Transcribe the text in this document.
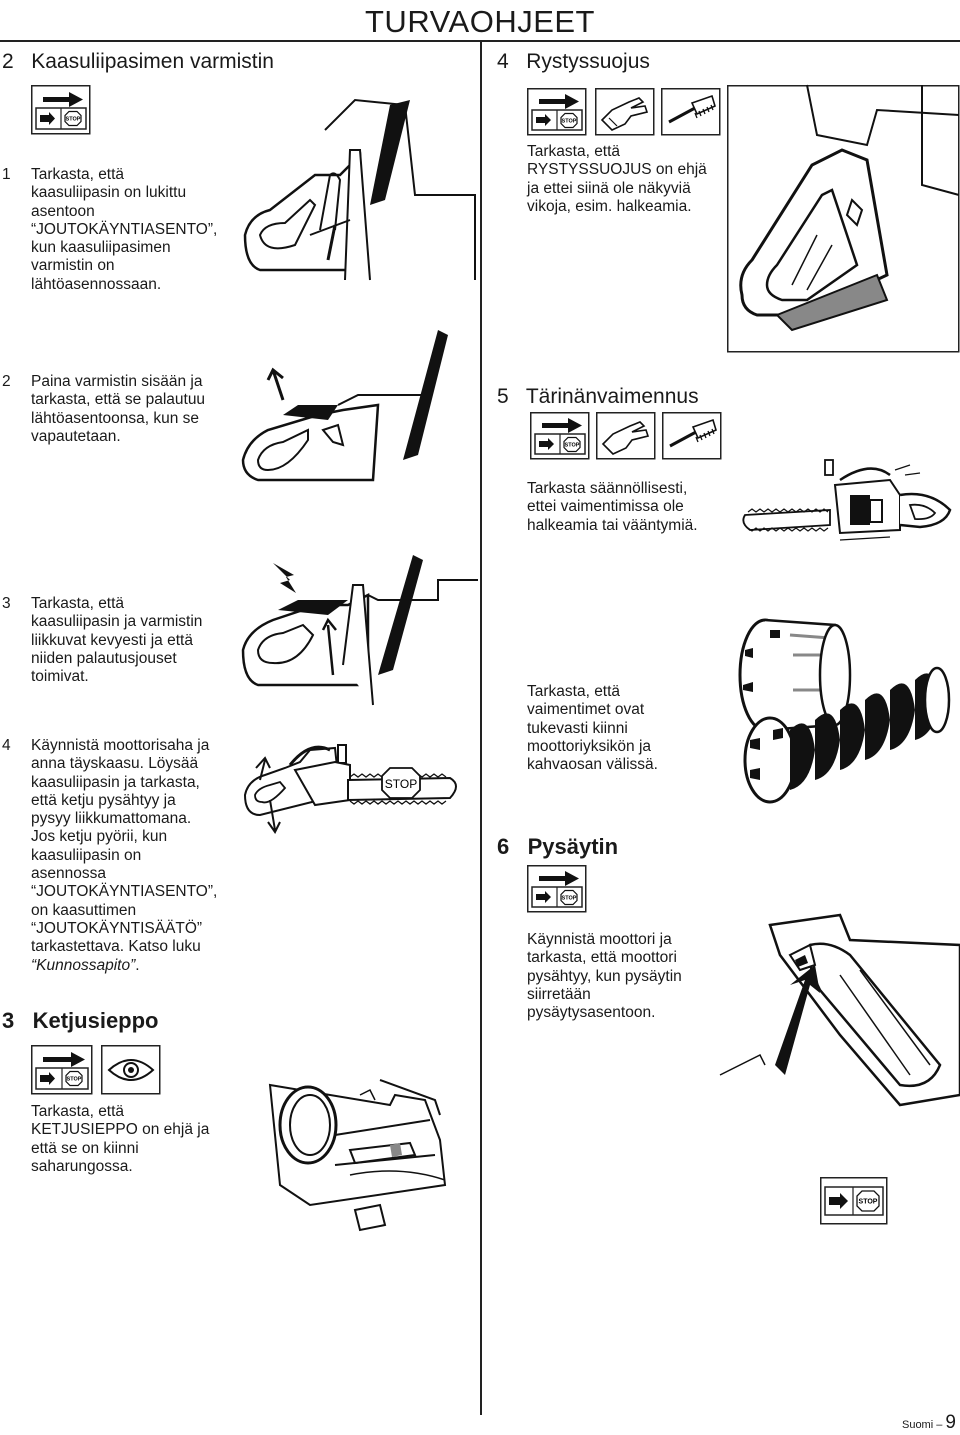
TURVAOHJEET
2 Kaasuliipasimen varmistin
STOP
1 Tarkasta, että
kaasuliipasin on lukittu
asentoon
“JOUTOKÄYNTIASENTO”,
kun kaasuliipasimen
varmistin on
lähtöasennossaan.
2 Paina varmistin sisään ja
tarkasta, että se palautuu
lähtöasentoonsa, kun se
vapautetaan.
3 Tarkasta, että
kaasuliipasin ja varmistin
liikkuvat kevyesti ja että
niiden palautusjouset
toimivat.
4 Käynnistä moottorisaha ja
anna täyskaasu. Löysää
kaasuliipasin ja tarkasta,
että ketju pysähtyy ja
pysyy liikkumattomana.
Jos ketju pyörii, kun
kaasuliipasin on
asennossa
“JOUTOKÄYNTIASENTO”,
on kaasuttimen
“JOUTOKÄYNTISÄÄTÖ”
tarkastettava. Katso luku
“Kunnossapito”.
STOP
3 Ketjusieppo
STOP
Tarkasta, että
KETJUSIEPPO on ehjä ja
että se on kiinni
saharungossa.
4 Rystyssuojus
STOP
Tarkasta, että
RYSTYSSUOJUS on ehjä
ja ettei siinä ole näkyviä
vikoja, esim. halkeamia.
5 Tärinänvaimennus
STOP
Tarkasta säännöllisesti,
ettei vaimentimissa ole
halkeamia tai vääntymiä.
Tarkasta, että
vaimentimet ovat
tukevasti kiinni
moottoriyksikön ja
kahvaosan välissä.
6 Pysäytin
STOP
Käynnistä moottori ja
tarkasta, että moottori
pysähtyy, kun pysäytin
siirretään
pysäytysasentoon.
STOP
Suomi – 9
